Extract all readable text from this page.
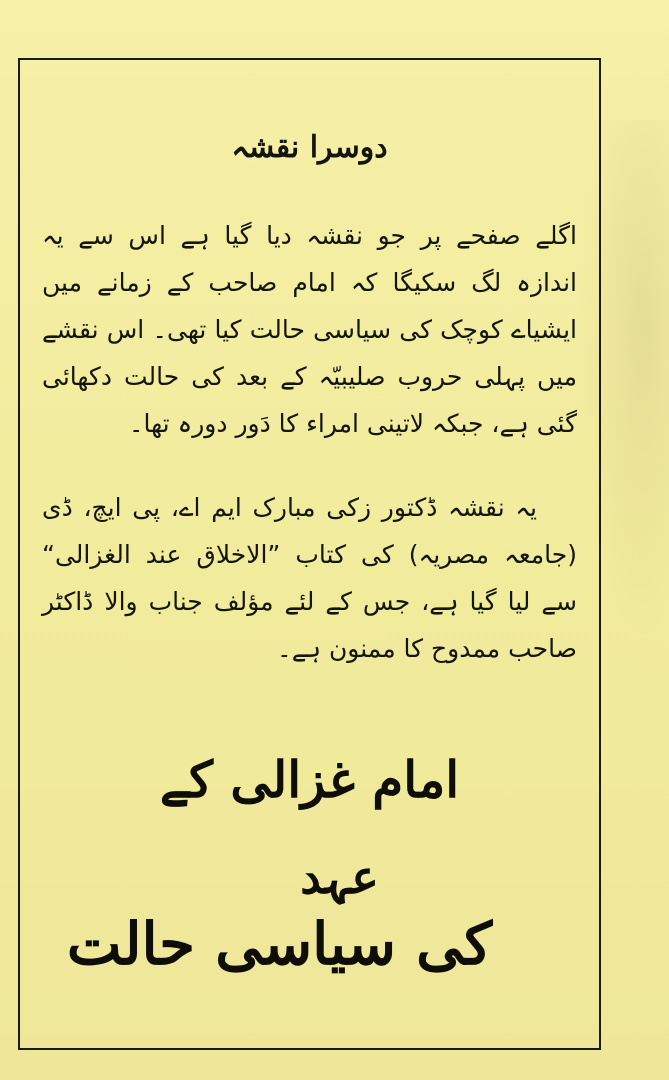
دوسرا نقشہ
اگلے صفحے پر جو نقشہ دیا گیا ہے اس سے یہ اندازہ لگ سکیگا کہ امام صاحب کے زمانے میں ایشیاے کوچک کی سیاسی حالت کیا تھی۔ اس نقشے میں پہلی حروب صلیبیّہ کے بعد کی حالت دکھائی گئی ہے، جبکہ لاتینی امراء کا دَور دورہ تھا۔
یہ نقشہ ڈکتور زکی مبارک ایم اے، پی ایچ، ڈی (جامعہ مصریہ) کی کتاب ”الاخلاق عند الغزالی“ سے لیا گیا ہے، جس کے لئے مؤلف جناب والا ڈاکٹر صاحب ممدوح کا ممنون ہے۔
امام غزالی کے
عہد
کی سیاسی حالت
